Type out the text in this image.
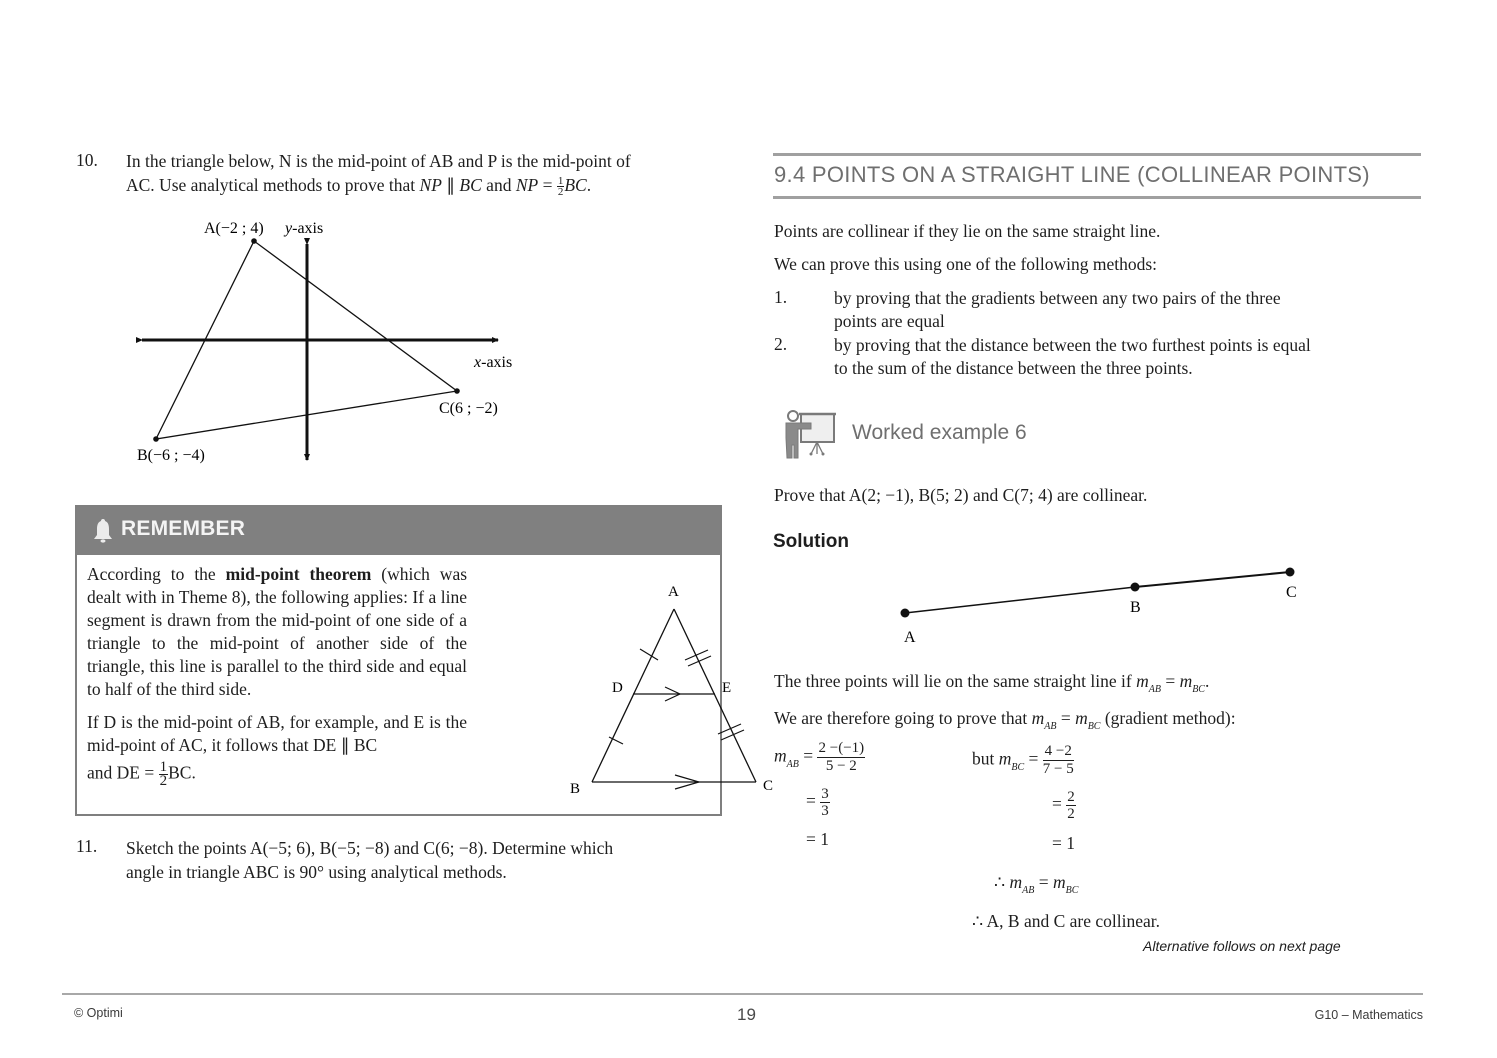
10. In the triangle below, N is the mid-point of AB and P is the mid-point of
AC. Use analytical methods to prove that NP ∥ BC and NP = $\frac{1}{2}$ BC.
A(−2 ; 4) y-axis
x-axis
C(6 ; −2)
B(−6 ; −4)
REMEMBER

According to the mid-point theorem (which was dealt with in Theme 8), the following applies: If a line segment is drawn from the mid-point of one side of a triangle to the mid-point of another side of the triangle, this line is parallel to the third side and equal to half of the third side.

If D is the mid-point of AB, for example, and E is the mid-point of AC, it follows that DE ∥ BC

and DE = $\frac{1}{2}$ BC.

A
D	E
B	C
11. Sketch the points A(−5; 6), B(−5; −8) and C(6; −8). Determine which
angle in triangle ABC is 90° using analytical methods.
9.4 POINTS ON A STRAIGHT LINE (COLLINEAR POINTS)
Points are collinear if they lie on the same straight line.
We can prove this using one of the following methods:
1.	by proving that the gradients between any two pairs of the three
points are equal
2.	by proving that the distance between the two furthest points is equal
to the sum of the distance between the three points.
Worked example 6
Prove that A(2; −1), B(5; 2) and C(7; 4) are collinear.
Solution
A
B
C
The three points will lie on the same straight line if $m_{AB} = m_{BC}$.
We are therefore going to prove that $m_{AB} = m_{BC}$ (gradient method):
$m_{AB} = \frac{2 -(-1)}{5 - 2}$
= $\frac{3}{3}$
= 1
but $m_{BC} = \frac{4 -2}{7 - 5}$
= $\frac{2}{2}$
= 1
∴ $m_{AB} = m_{BC}$
∴ A, B and C are collinear.
Alternative follows on next page
© Optimi	19	G10 – Mathematics
